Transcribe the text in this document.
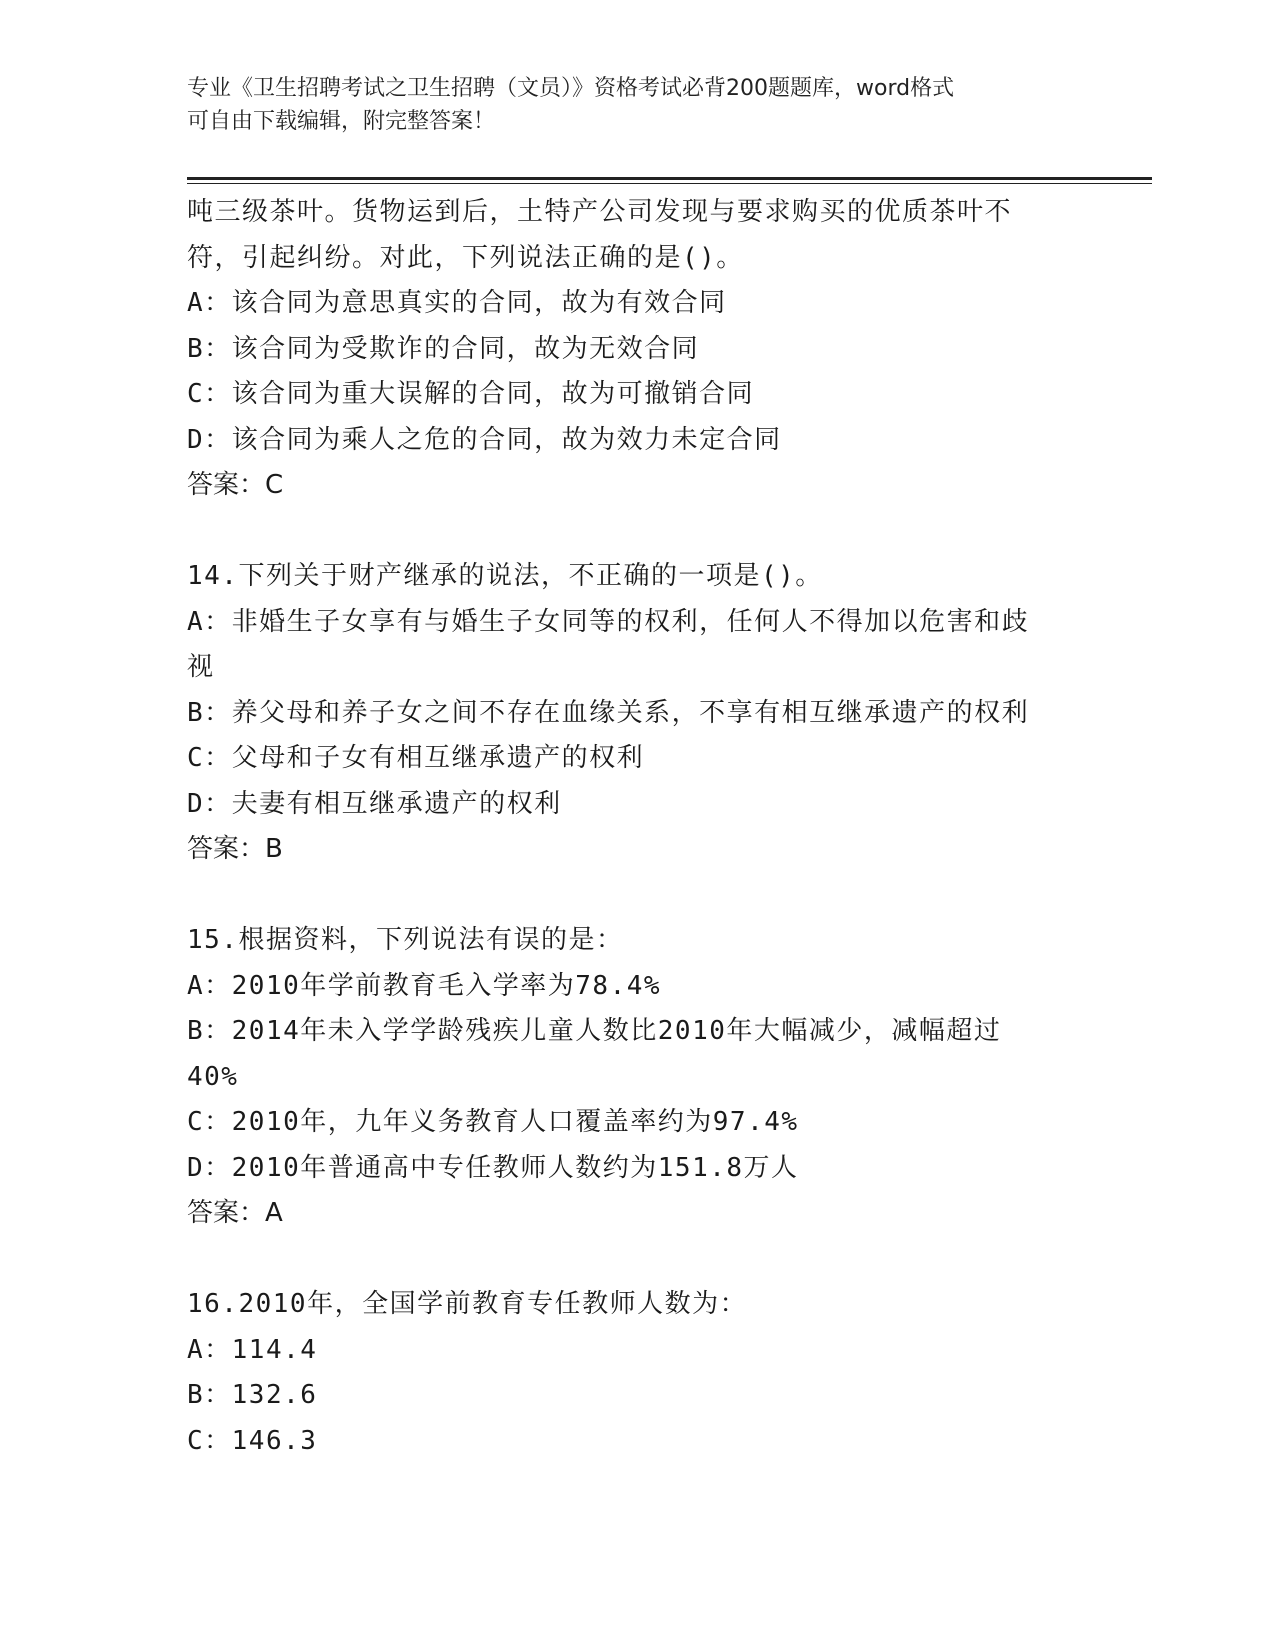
专业《卫生招聘考试之卫生招聘（文员）》资格考试必背200题题库，word格式
可自由下载编辑，附完整答案！
吨三级茶叶。货物运到后，土特产公司发现与要求购买的优质茶叶不
符，引起纠纷。对此，下列说法正确的是()。
A：该合同为意思真实的合同，故为有效合同
B：该合同为受欺诈的合同，故为无效合同
C：该合同为重大误解的合同，故为可撤销合同
D：该合同为乘人之危的合同，故为效力未定合同
答案：C
14.下列关于财产继承的说法，不正确的一项是()。
A：非婚生子女享有与婚生子女同等的权利，任何人不得加以危害和歧
视
B：养父母和养子女之间不存在血缘关系，不享有相互继承遗产的权利
C：父母和子女有相互继承遗产的权利
D：夫妻有相互继承遗产的权利
答案：B
15.根据资料，下列说法有误的是：
A：2010年学前教育毛入学率为78.4%
B：2014年未入学学龄残疾儿童人数比2010年大幅减少，减幅超过
40%
C：2010年，九年义务教育人口覆盖率约为97.4%
D：2010年普通高中专任教师人数约为151.8万人
答案：A
16.2010年，全国学前教育专任教师人数为：
A：114.4
B：132.6
C：146.3
